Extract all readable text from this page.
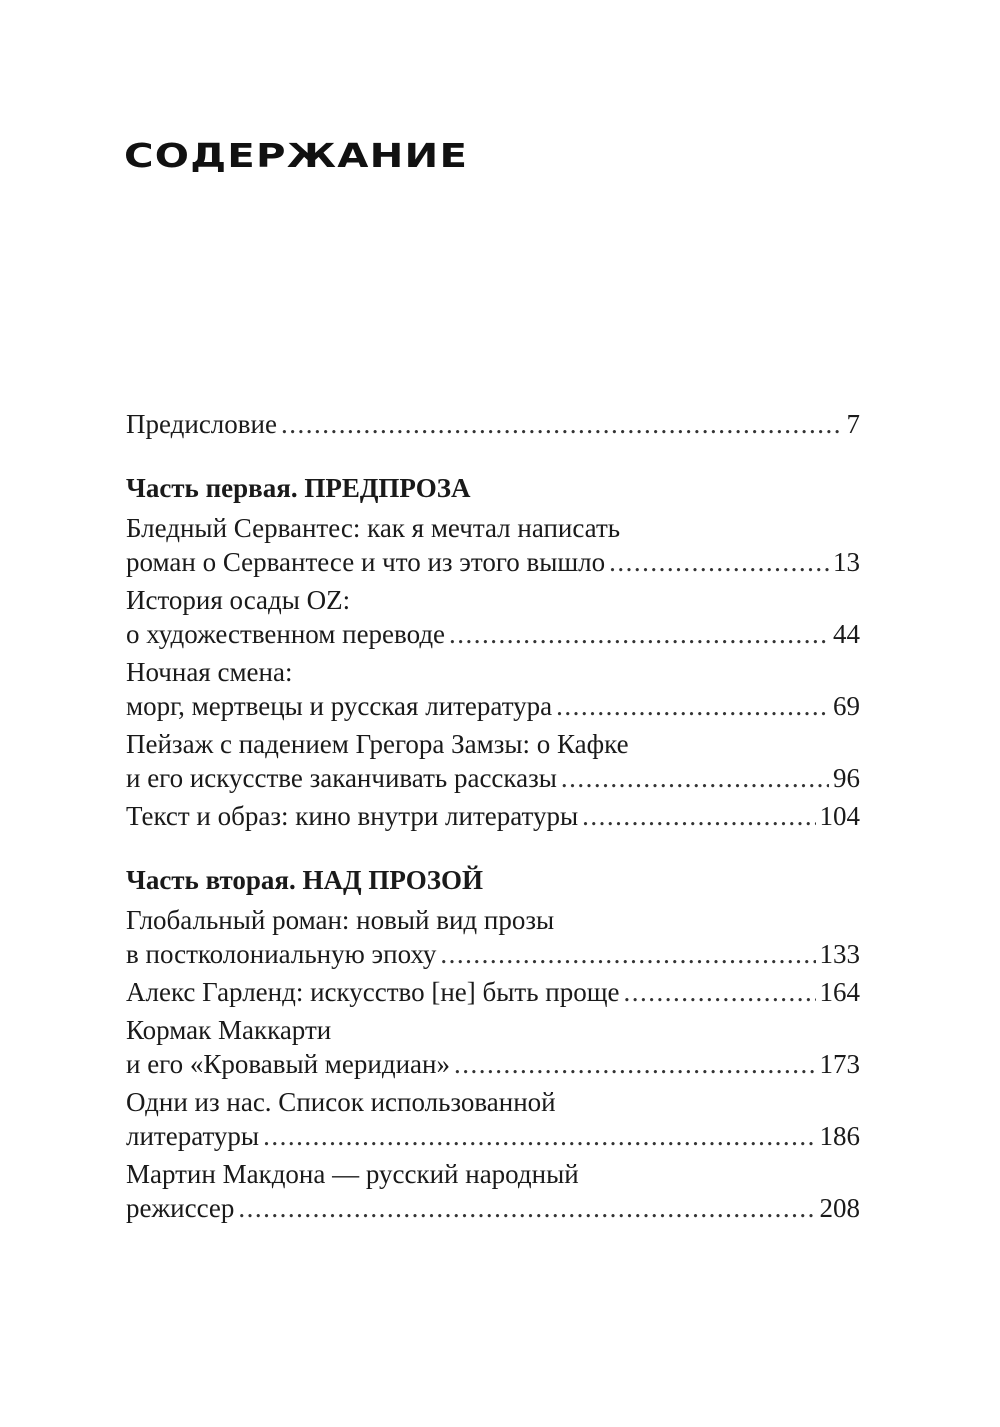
СОДЕРЖАНИЕ
Предисловие .....	7
Часть первая. ПРЕДПРОЗА
Бледный Сервантес: как я мечтал написать
роман о Сервантесе и что из этого вышло .....	13
История осады OZ:
о художественном переводе .....	44
Ночная смена:
морг, мертвецы и русская литература .....	69
Пейзаж с падением Грегора Замзы: о Кафке
и его искусстве заканчивать рассказы .....	96
Текст и образ: кино внутри литературы .....	104
Часть вторая. НАД ПРОЗОЙ
Глобальный роман: новый вид прозы
в постколониальную эпоху .....	133
Алекс Гарленд: искусство [не] быть проще .....	164
Кормак Маккарти
и его «Кровавый меридиан» .....	173
Одни из нас. Список использованной
литературы .....	186
Мартин Макдона — русский народный
режиссер .....	208
